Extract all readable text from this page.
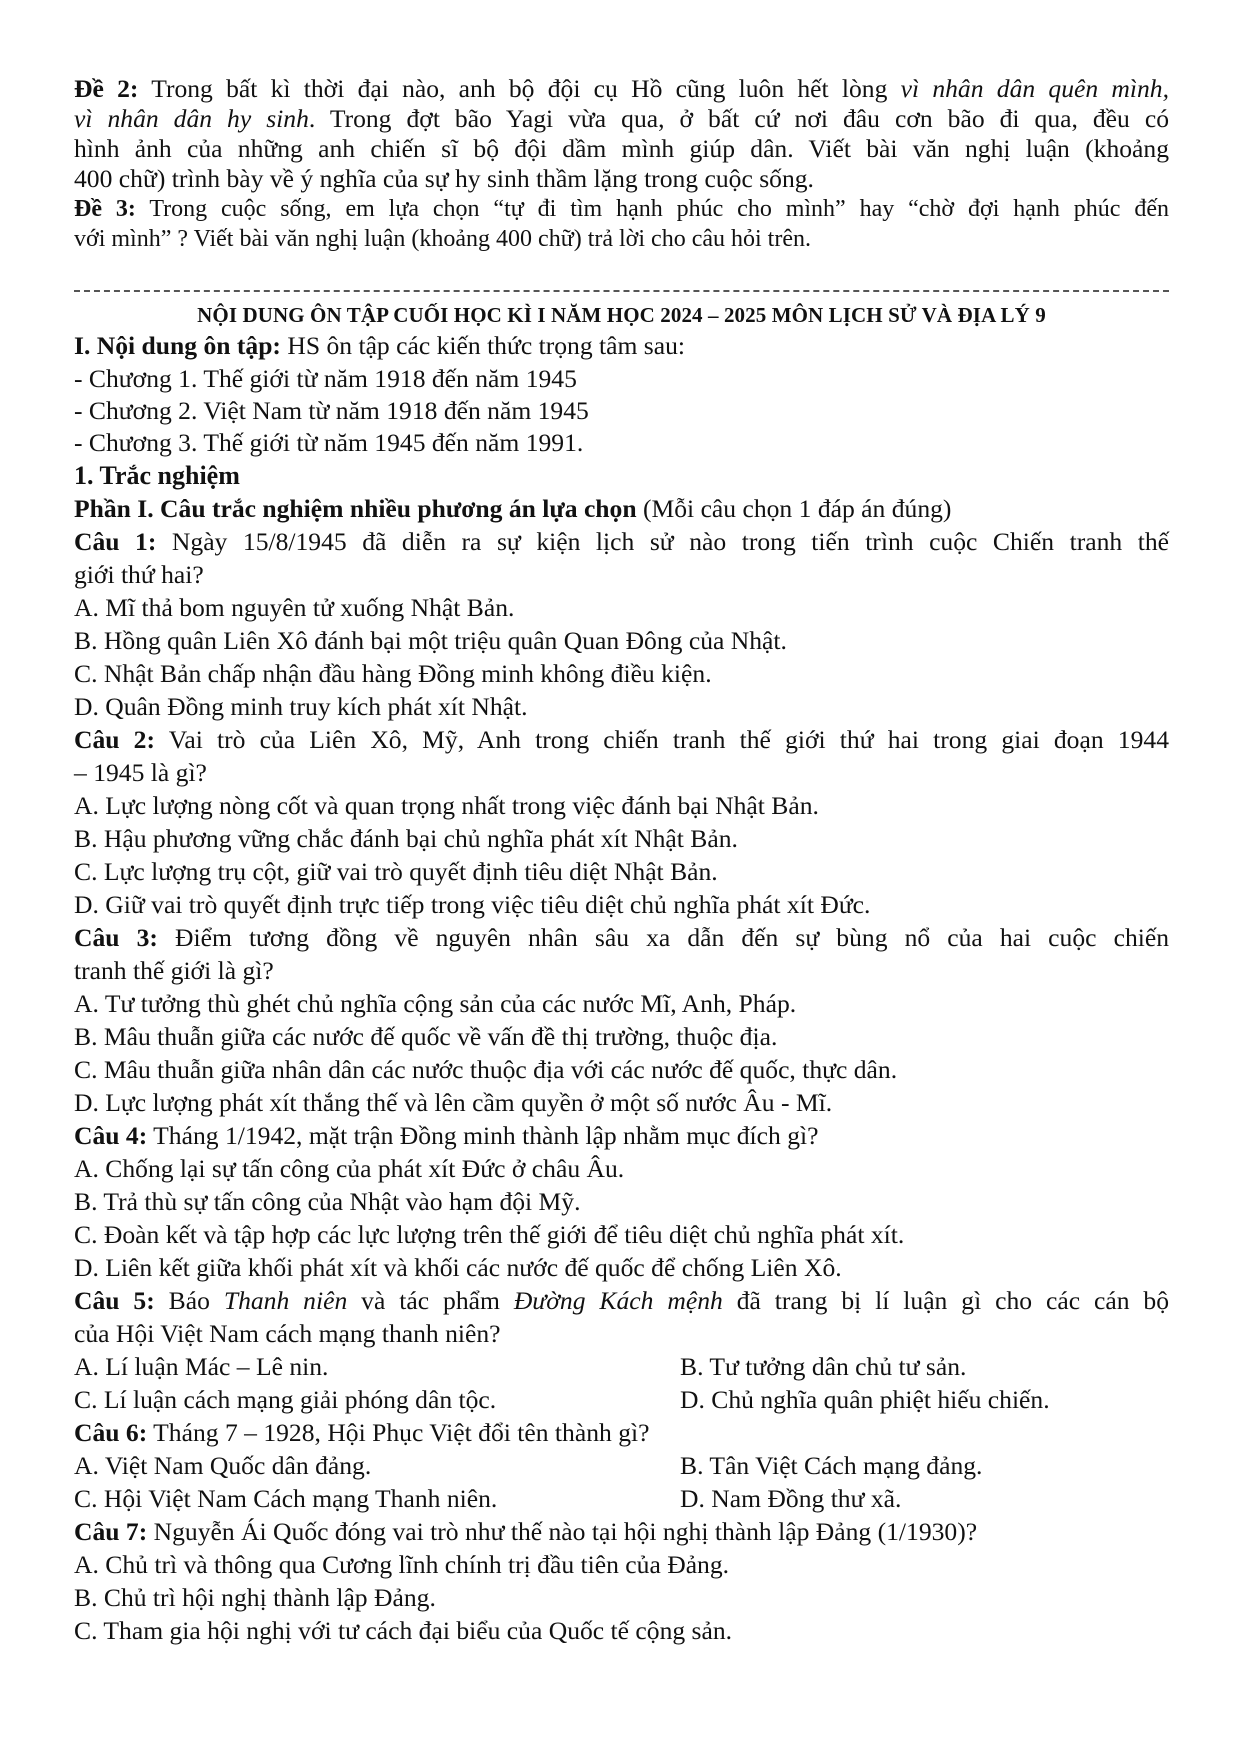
Đề 2: Trong bất kì thời đại nào, anh bộ đội cụ Hồ cũng luôn hết lòng vì nhân dân quên mình,
vì nhân dân hy sinh. Trong đợt bão Yagi vừa qua, ở bất cứ nơi đâu cơn bão đi qua, đều có
hình ảnh của những anh chiến sĩ bộ đội dầm mình giúp dân. Viết bài văn nghị luận (khoảng
400 chữ) trình bày về ý nghĩa của sự hy sinh thầm lặng trong cuộc sống.
Đề 3: Trong cuộc sống, em lựa chọn “tự đi tìm hạnh phúc cho mình” hay “chờ đợi hạnh phúc đến
với mình” ? Viết bài văn nghị luận (khoảng 400 chữ) trả lời cho câu hỏi trên.
NỘI DUNG ÔN TẬP CUỐI HỌC KÌ I NĂM HỌC 2024 – 2025 MÔN LỊCH SỬ VÀ ĐỊA LÝ 9
I. Nội dung ôn tập: HS ôn tập các kiến thức trọng tâm sau:
- Chương 1. Thế giới từ năm 1918 đến năm 1945
- Chương 2. Việt Nam từ năm 1918 đến năm 1945
- Chương 3. Thế giới từ năm 1945 đến năm 1991.
1. Trắc nghiệm
Phần I. Câu trắc nghiệm nhiều phương án lựa chọn (Mỗi câu chọn 1 đáp án đúng)
Câu 1: Ngày 15/8/1945 đã diễn ra sự kiện lịch sử nào trong tiến trình cuộc Chiến tranh thế
giới thứ hai?
A. Mĩ thả bom nguyên tử xuống Nhật Bản.
B. Hồng quân Liên Xô đánh bại một triệu quân Quan Đông của Nhật.
C. Nhật Bản chấp nhận đầu hàng Đồng minh không điều kiện.
D. Quân Đồng minh truy kích phát xít Nhật.
Câu 2: Vai trò của Liên Xô, Mỹ, Anh trong chiến tranh thế giới thứ hai trong giai đoạn 1944
– 1945 là gì?
A. Lực lượng nòng cốt và quan trọng nhất trong việc đánh bại Nhật Bản.
B. Hậu phương vững chắc đánh bại chủ nghĩa phát xít Nhật Bản.
C. Lực lượng trụ cột, giữ vai trò quyết định tiêu diệt Nhật Bản.
D. Giữ vai trò quyết định trực tiếp trong việc tiêu diệt chủ nghĩa phát xít Đức.
Câu 3: Điểm tương đồng về nguyên nhân sâu xa dẫn đến sự bùng nổ của hai cuộc chiến
tranh thế giới là gì?
A. Tư tưởng thù ghét chủ nghĩa cộng sản của các nước Mĩ, Anh, Pháp.
B. Mâu thuẫn giữa các nước đế quốc về vấn đề thị trường, thuộc địa.
C. Mâu thuẫn giữa nhân dân các nước thuộc địa với các nước đế quốc, thực dân.
D. Lực lượng phát xít thắng thế và lên cầm quyền ở một số nước Âu - Mĩ.
Câu 4: Tháng 1/1942, mặt trận Đồng minh thành lập nhằm mục đích gì?
A. Chống lại sự tấn công của phát xít Đức ở châu Âu.
B. Trả thù sự tấn công của Nhật vào hạm đội Mỹ.
C. Đoàn kết và tập hợp các lực lượng trên thế giới để tiêu diệt chủ nghĩa phát xít.
D. Liên kết giữa khối phát xít và khối các nước đế quốc để chống Liên Xô.
Câu 5: Báo Thanh niên và tác phẩm Đường Kách mệnh đã trang bị lí luận gì cho các cán bộ
của Hội Việt Nam cách mạng thanh niên?
A. Lí luận Mác – Lê nin.	B. Tư tưởng dân chủ tư sản.
C. Lí luận cách mạng giải phóng dân tộc.	D. Chủ nghĩa quân phiệt hiếu chiến.
Câu 6: Tháng 7 – 1928, Hội Phục Việt đổi tên thành gì?
A. Việt Nam Quốc dân đảng.	B. Tân Việt Cách mạng đảng.
C. Hội Việt Nam Cách mạng Thanh niên.	D. Nam Đồng thư xã.
Câu 7: Nguyễn Ái Quốc đóng vai trò như thế nào tại hội nghị thành lập Đảng (1/1930)?
A. Chủ trì và thông qua Cương lĩnh chính trị đầu tiên của Đảng.
B. Chủ trì hội nghị thành lập Đảng.
C. Tham gia hội nghị với tư cách đại biểu của Quốc tế cộng sản.
